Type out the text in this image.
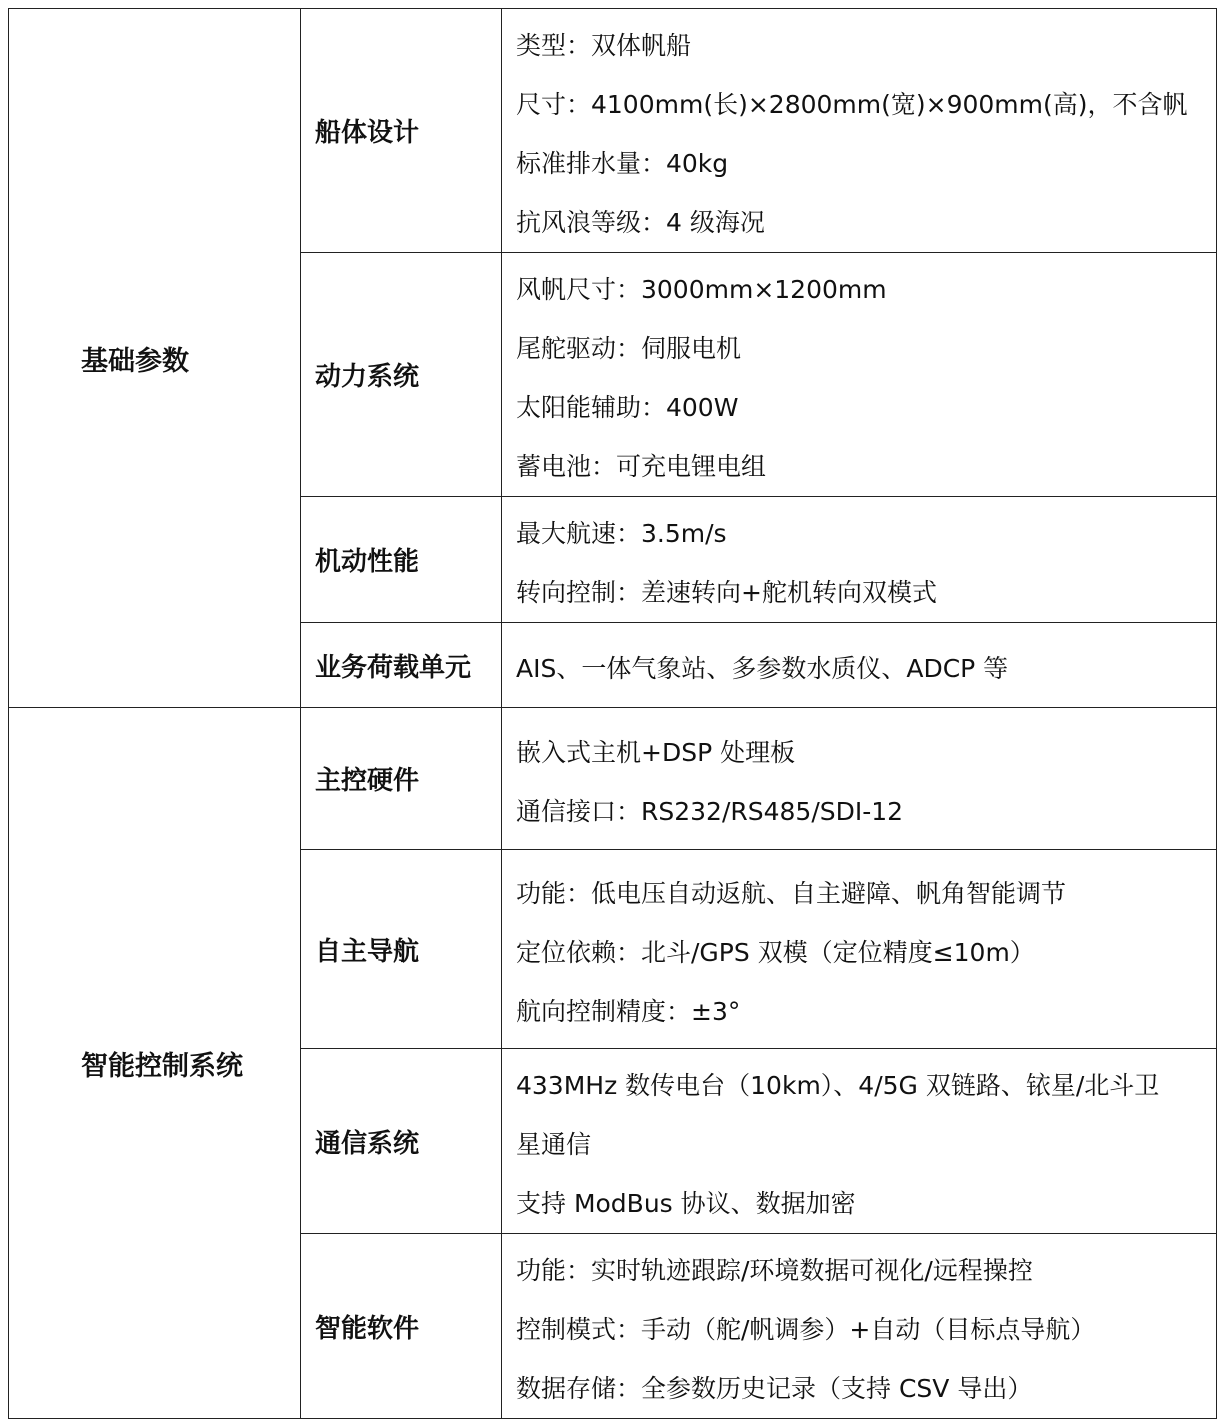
基础参数	船体设计	类型：双体帆船
尺寸：4100mm(长)×2800mm(宽)×900mm(高)，不含帆
标准排水量：40kg
抗风浪等级：4 级海况

	动力系统	风帆尺寸：3000mm×1200mm
尾舵驱动：伺服电机
太阳能辅助：400W
蓄电池：可充电锂电组

	机动性能	最大航速：3.5m/s
转向控制：差速转向+舵机转向双模式

	业务荷载单元	AIS、一体气象站、多参数水质仪、ADCP 等

智能控制系统	主控硬件	嵌入式主机+DSP 处理板
通信接口：RS232/RS485/SDI-12

	自主导航	功能：低电压自动返航、自主避障、帆角智能调节
定位依赖：北斗/GPS 双模（定位精度≤10m）
航向控制精度：±3°

	通信系统	433MHz 数传电台（10km）、4/5G 双链路、铱星/北斗卫
星通信
支持 ModBus 协议、数据加密

	智能软件	功能：实时轨迹跟踪/环境数据可视化/远程操控
控制模式：手动（舵/帆调参）+自动（目标点导航）
数据存储：全参数历史记录（支持 CSV 导出）
